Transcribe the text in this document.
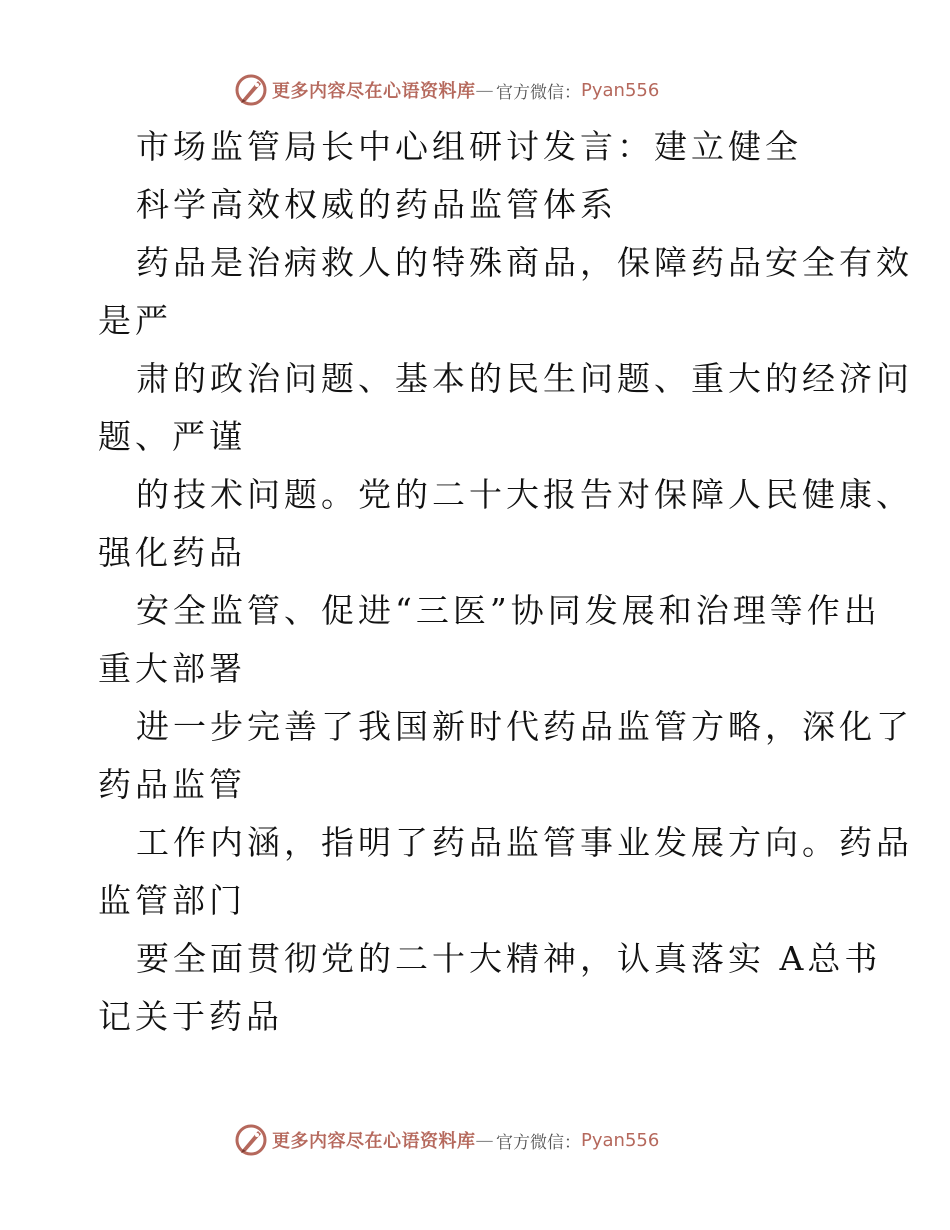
更多内容尽在心语资料库 — 官方微信： Pyan556
市场监管局长中心组研讨发言：建立健全
科学高效权威的药品监管体系
药品是治病救人的特殊商品，保障药品安全有效
是严
肃的政治问题、基本的民生问题、重大的经济问
题、严谨
的技术问题。党的二十大报告对保障人民健康、
强化药品
安全监管、促进“三医”协同发展和治理等作出
重大部署
进一步完善了我国新时代药品监管方略，深化了
药品监管
工作内涵，指明了药品监管事业发展方向。药品
监管部门
要全面贯彻党的二十大精神，认真落实 A总书
记关于药品
更多内容尽在心语资料库 — 官方微信： Pyan556
